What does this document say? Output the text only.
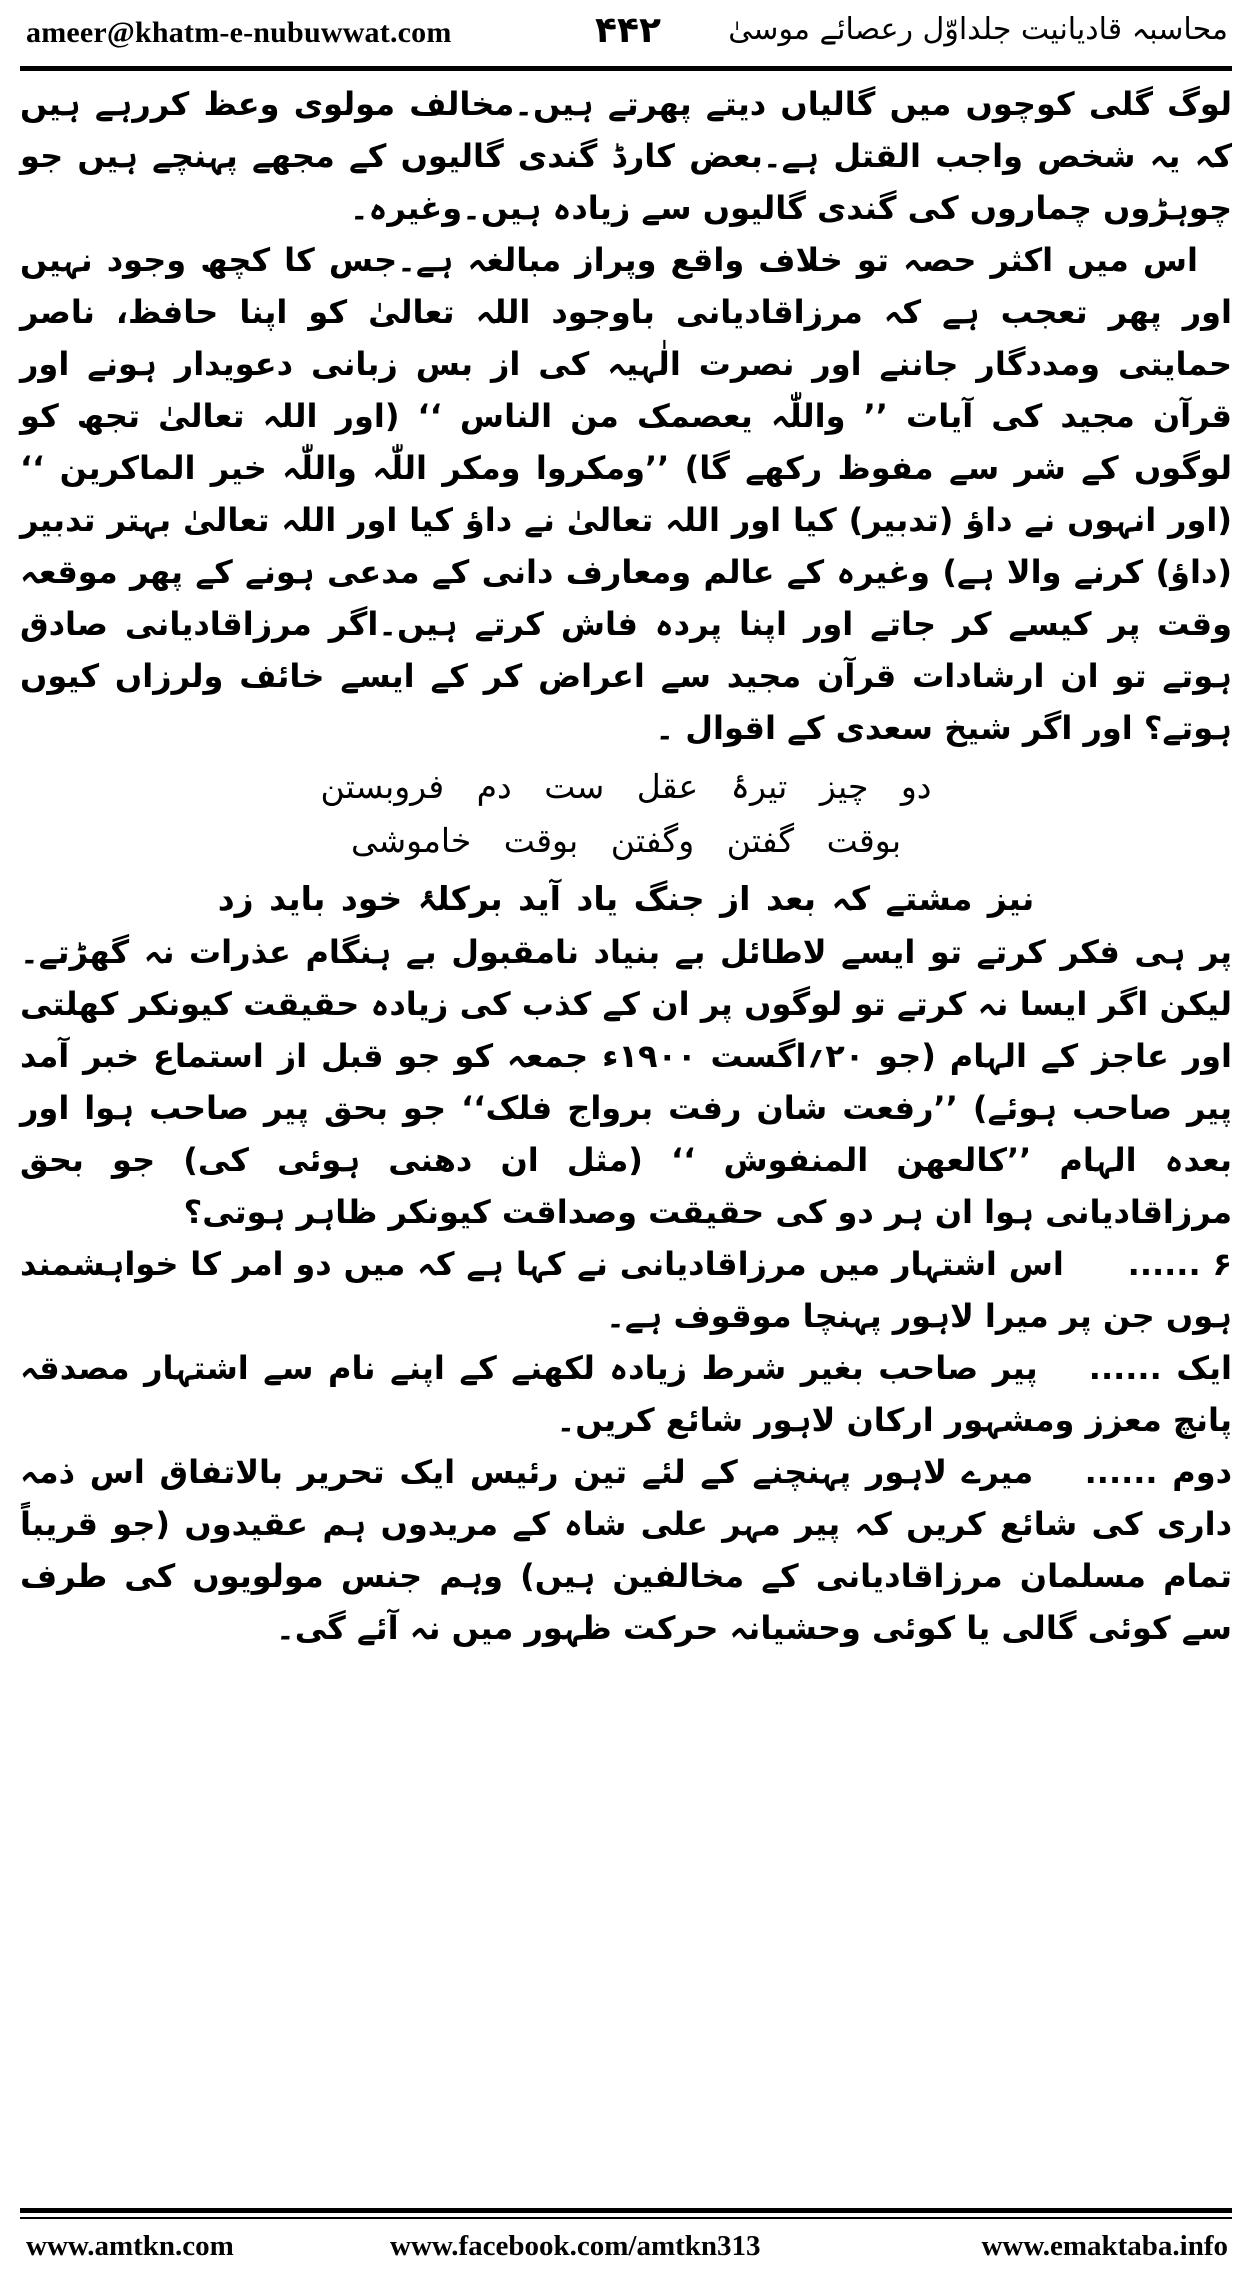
ameer@khatm-e-nubuwwat.com	۴۴۲ محاسبہ قادیانیت جلداوّل رعصائے موسیٰ

لوگ گلی کوچوں میں گالیاں دیتے پھرتے ہیں۔مخالف مولوی وعظ کررہے ہیں کہ یہ شخص واجب القتل ہے۔بعض کارڈ گندی گالیوں کے مجھے پہنچے ہیں جو چوہڑوں چماروں کی گندی گالیوں سے زیادہ ہیں۔وغیرہ۔

اس میں اکثر حصہ تو خلاف واقع وپراز مبالغہ ہے۔جس کا کچھ وجود نہیں اور پھر تعجب ہے کہ مرزاقادیانی باوجود اللہ تعالیٰ کو اپنا حافظ، ناصر حمایتی ومددگار جاننے اور نصرت الٰہیہ کی از بس زبانی دعویدار ہونے اور قرآن مجید کی آیات ’’ واللّٰہ یعصمک من الناس ‘‘ (اور اللہ تعالیٰ تجھ کو لوگوں کے شر سے مفوظ رکھے گا) ’’ومکروا ومکر اللّٰہ واللّٰہ خیر الماکرین ‘‘ (اور انہوں نے داؤ (تدبیر) کیا اور اللہ تعالیٰ نے داؤ کیا اور اللہ تعالیٰ بہتر تدبیر (داؤ) کرنے والا ہے) وغیرہ کے عالم ومعارف دانی کے مدعی ہونے کے پھر موقعہ وقت پر کیسے کر جاتے اور اپنا پردہ فاش کرتے ہیں۔اگر مرزاقادیانی صادق ہوتے تو ان ارشادات قرآن مجید سے اعراض کر کے ایسے خائف ولرزاں کیوں ہوتے؟ اور اگر شیخ سعدی کے اقوال ۔

دو چیز تیرۂ عقل ست دم فروبستن
بوقت گفتن وگفتن بوقت خاموشی
نیز مشتے کہ بعد از جنگ یاد آید برکلۂ خود باید زد

پر ہی فکر کرتے تو ایسے لاطائل بے بنیاد نامقبول بے ہنگام عذرات نہ گھڑتے۔لیکن اگر ایسا نہ کرتے تو لوگوں پر ان کے کذب کی زیادہ حقیقت کیونکر کھلتی اور عاجز کے الہام (جو ۲۰؍اگست ۱۹۰۰ء جمعہ کو جو قبل از استماع خبر آمد پیر صاحب ہوئے) ’’رفعت شان رفت برواج فلک‘‘ جو بحق پیر صاحب ہوا اور بعدہ الہام ’’کالعھن المنفوش ‘‘ (مثل ان دھنی ہوئی کی) جو بحق مرزاقادیانی ہوا ان ہر دو کی حقیقت وصداقت کیونکر ظاہر ہوتی؟

۶ ......  اس اشتہار میں مرزاقادیانی نے کہا ہے کہ میں دو امر کا خواہشمند ہوں جن پر میرا لاہور پہنچا موقوف ہے۔

ایک ......  پیر صاحب بغیر شرط زیادہ لکھنے کے اپنے نام سے اشتہار مصدقہ پانچ معزز ومشہور ارکان لاہور شائع کریں۔

دوم ......  میرے لاہور پہنچنے کے لئے تین رئیس ایک تحریر بالاتفاق اس ذمہ داری کی شائع کریں کہ پیر مہر علی شاہ کے مریدوں ہم عقیدوں (جو قریباً تمام مسلمان مرزاقادیانی کے مخالفین ہیں) وہم جنس مولویوں کی طرف سے کوئی گالی یا کوئی وحشیانہ حرکت ظہور میں نہ آئے گی۔

www.amtkn.com	www.facebook.com/amtkn313	www.emaktaba.info
